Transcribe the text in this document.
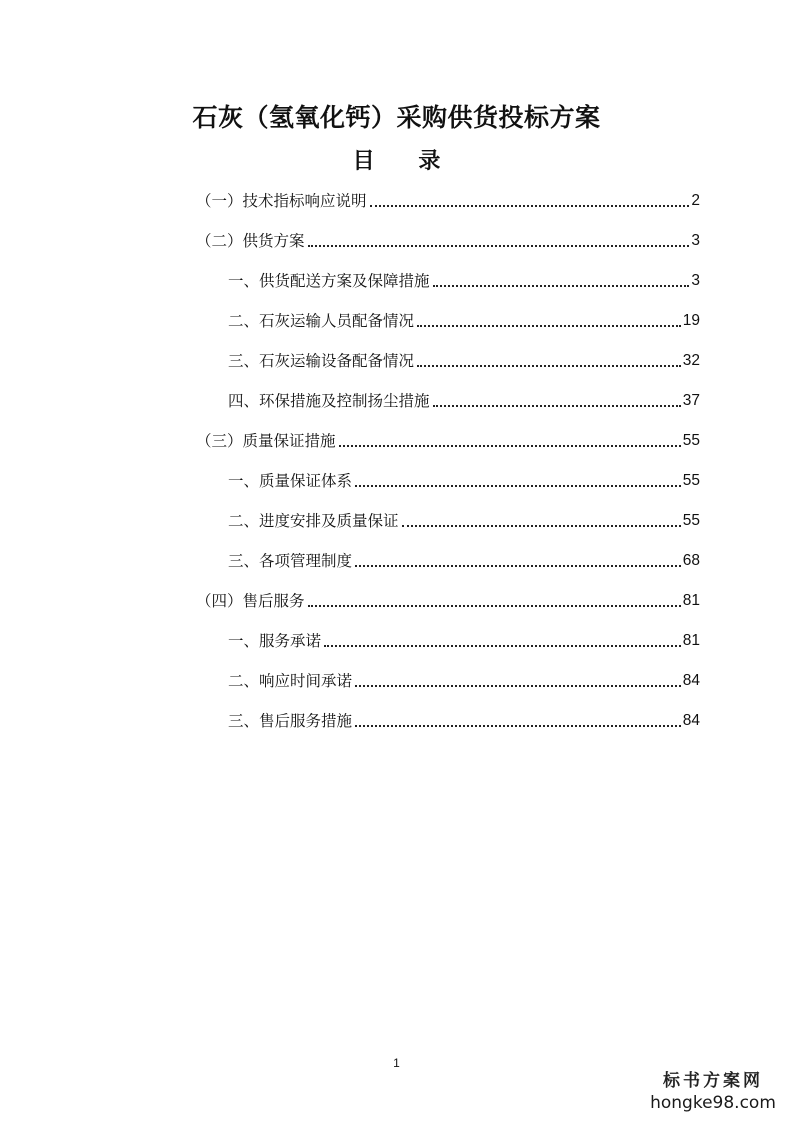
石灰（氢氧化钙）采购供货投标方案
目 录
（一）技术指标响应说明	2
（二）供货方案	3
一、供货配送方案及保障措施	3
二、石灰运输人员配备情况	19
三、石灰运输设备配备情况	32
四、环保措施及控制扬尘措施	37
（三）质量保证措施	55
一、质量保证体系	55
二、进度安排及质量保证	55
三、各项管理制度	68
（四）售后服务	81
一、服务承诺	81
二、响应时间承诺	84
三、售后服务措施	84
1
标书方案网
hongke98.com
